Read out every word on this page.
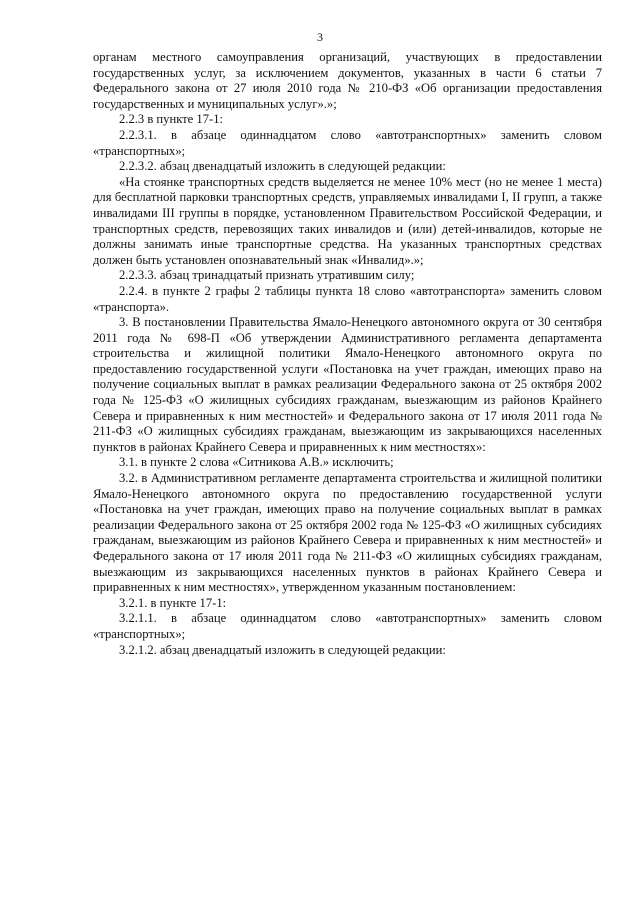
3

органам местного самоуправления организаций, участвующих в предоставлении государственных услуг, за исключением документов, указанных в части 6 статьи 7 Федерального закона от 27 июля 2010 года № 210-ФЗ «Об организации предоставления государственных и муниципальных услуг».»;

2.2.3 в пункте 17-1:

2.2.3.1. в абзаце одиннадцатом слово «автотранспортных» заменить словом «транспортных»;

2.2.3.2. абзац двенадцатый изложить в следующей редакции:

«На стоянке транспортных средств выделяется не менее 10% мест (но не менее 1 места) для бесплатной парковки транспортных средств, управляемых инвалидами I, II групп, а также инвалидами III группы в порядке, установленном Правительством Российской Федерации, и транспортных средств, перевозящих таких инвалидов и (или) детей-инвалидов, которые не должны занимать иные транспортные средства. На указанных транспортных средствах должен быть установлен опознавательный знак «Инвалид».»;

2.2.3.3. абзац тринадцатый признать утратившим силу;

2.2.4. в пункте 2 графы 2 таблицы пункта 18 слово «автотранспорта» заменить словом «транспорта».

3. В постановлении Правительства Ямало-Ненецкого автономного округа от 30 сентября 2011 года № 698-П «Об утверждении Административного регламента департамента строительства и жилищной политики Ямало-Ненецкого автономного округа по предоставлению государственной услуги «Постановка на учет граждан, имеющих право на получение социальных выплат в рамках реализации Федерального закона от 25 октября 2002 года № 125-ФЗ «О жилищных субсидиях гражданам, выезжающим из районов Крайнего Севера и приравненных к ним местностей» и Федерального закона от 17 июля 2011 года № 211-ФЗ «О жилищных субсидиях гражданам, выезжающим из закрывающихся населенных пунктов в районах Крайнего Севера и приравненных к ним местностях»:

3.1. в пункте 2 слова «Ситникова А.В.» исключить;

3.2. в Административном регламенте департамента строительства и жилищной политики Ямало-Ненецкого автономного округа по предоставлению государственной услуги «Постановка на учет граждан, имеющих право на получение социальных выплат в рамках реализации Федерального закона от 25 октября 2002 года № 125-ФЗ «О жилищных субсидиях гражданам, выезжающим из районов Крайнего Севера и приравненных к ним местностей» и Федерального закона от 17 июля 2011 года № 211-ФЗ «О жилищных субсидиях гражданам, выезжающим из закрывающихся населенных пунктов в районах Крайнего Севера и приравненных к ним местностях», утвержденном указанным постановлением:

3.2.1. в пункте 17-1:

3.2.1.1. в абзаце одиннадцатом слово «автотранспортных» заменить словом «транспортных»;

3.2.1.2. абзац двенадцатый изложить в следующей редакции:
